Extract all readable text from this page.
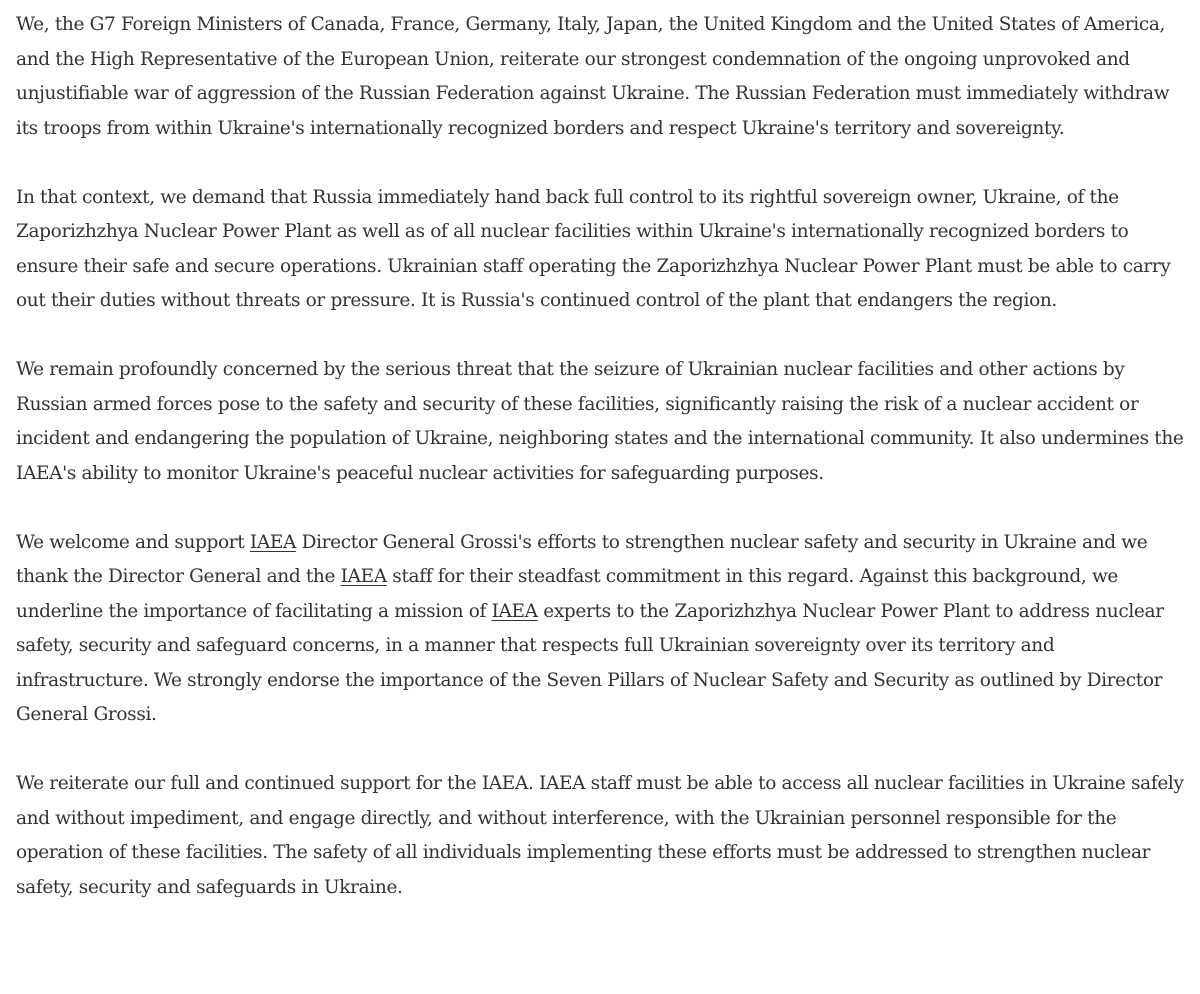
We, the G7 Foreign Ministers of Canada, France, Germany, Italy, Japan, the United Kingdom and the United States of America, and the High Representative of the European Union, reiterate our strongest condemnation of the ongoing unprovoked and unjustifiable war of aggression of the Russian Federation against Ukraine. The Russian Federation must immediately withdraw its troops from within Ukraine's internationally recognized borders and respect Ukraine's territory and sovereignty.

In that context, we demand that Russia immediately hand back full control to its rightful sovereign owner, Ukraine, of the Zaporizhzhya Nuclear Power Plant as well as of all nuclear facilities within Ukraine's internationally recognized borders to ensure their safe and secure operations. Ukrainian staff operating the Zaporizhzhya Nuclear Power Plant must be able to carry out their duties without threats or pressure. It is Russia's continued control of the plant that endangers the region.

We remain profoundly concerned by the serious threat that the seizure of Ukrainian nuclear facilities and other actions by Russian armed forces pose to the safety and security of these facilities, significantly raising the risk of a nuclear accident or incident and endangering the population of Ukraine, neighboring states and the international community. It also undermines the IAEA's ability to monitor Ukraine's peaceful nuclear activities for safeguarding purposes.

We welcome and support IAEA Director General Grossi's efforts to strengthen nuclear safety and security in Ukraine and we thank the Director General and the IAEA staff for their steadfast commitment in this regard. Against this background, we underline the importance of facilitating a mission of IAEA experts to the Zaporizhzhya Nuclear Power Plant to address nuclear safety, security and safeguard concerns, in a manner that respects full Ukrainian sovereignty over its territory and infrastructure. We strongly endorse the importance of the Seven Pillars of Nuclear Safety and Security as outlined by Director General Grossi.

We reiterate our full and continued support for the IAEA. IAEA staff must be able to access all nuclear facilities in Ukraine safely and without impediment, and engage directly, and without interference, with the Ukrainian personnel responsible for the operation of these facilities. The safety of all individuals implementing these efforts must be addressed to strengthen nuclear safety, security and safeguards in Ukraine.
